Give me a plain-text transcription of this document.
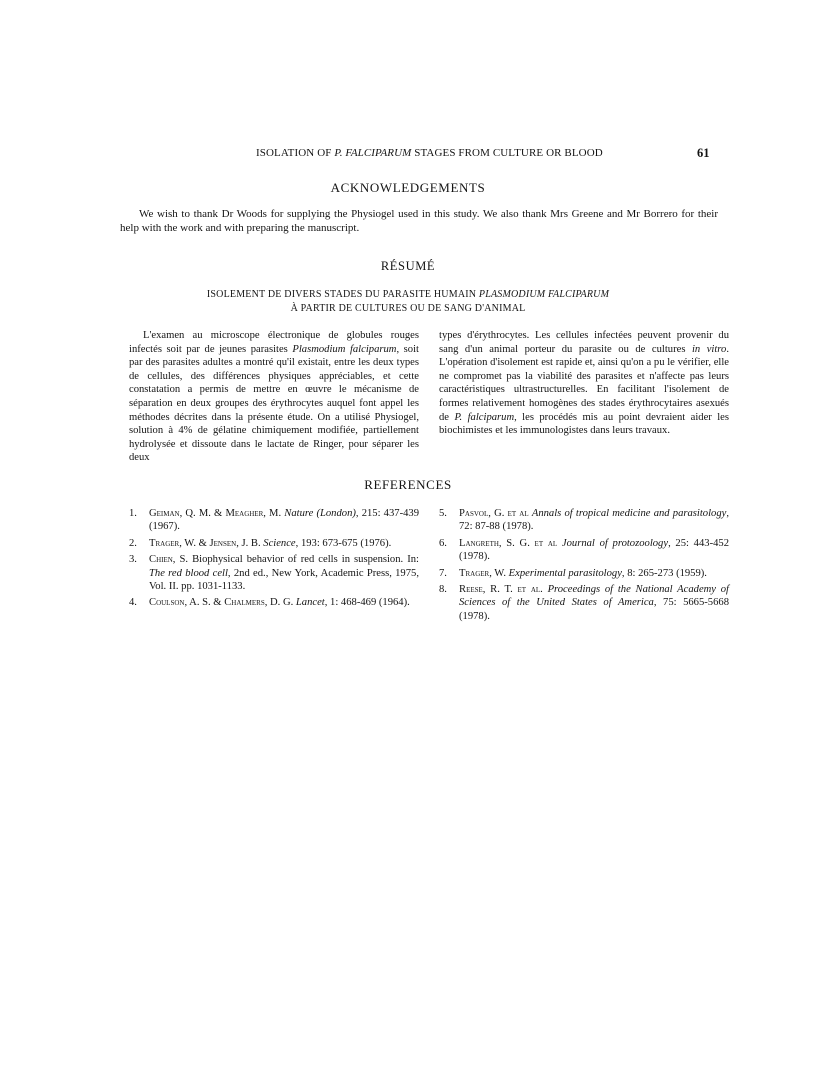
ISOLATION OF P. FALCIPARUM STAGES FROM CULTURE OR BLOOD	61
ACKNOWLEDGEMENTS

We wish to thank Dr Woods for supplying the Physiogel used in this study. We also thank Mrs Greene and Mr Borrero for their help with the work and with preparing the manuscript.

RÉSUMÉ
ISOLEMENT DE DIVERS STADES DU PARASITE HUMAIN PLASMODIUM FALCIPARUM
À PARTIR DE CULTURES OU DE SANG D'ANIMAL

L'examen au microscope électronique de globules rouges infectés soit par de jeunes parasites Plasmodium falciparum, soit par des parasites adultes a montré qu'il existait, entre les deux types de cellules, des différences physiques appréciables, et cette constatation a permis de mettre en œuvre le mécanisme de séparation en deux groupes des érythrocytes auquel font appel les méthodes décrites dans la présente étude. On a utilisé Physiogel, solution à 4% de gélatine chimiquement modifiée, partiellement hydrolysée et dissoute dans le lactate de Ringer, pour séparer les deux

types d'érythrocytes. Les cellules infectées peuvent provenir du sang d'un animal porteur du parasite ou de cultures in vitro. L'opération d'isolement est rapide et, ainsi qu'on a pu le vérifier, elle ne compromet pas la viabilité des parasites et n'affecte pas leurs caractéristiques ultrastructurelles. En facilitant l'isolement de formes relativement homogènes des stades érythrocytaires asexués de P. falciparum, les procédés mis au point devraient aider les biochimistes et les immunologistes dans leurs travaux.

REFERENCES
1. Geiman, Q. M. & Meagher, M. Nature (London), 215: 437-439 (1967).
2. Trager, W. & Jensen, J. B. Science, 193: 673-675 (1976).
3. Chien, S. Biophysical behavior of red cells in suspension. In: The red blood cell, 2nd ed., New York, Academic Press, 1975, Vol. II. pp. 1031-1133.
4. Coulson, A. S. & Chalmers, D. G. Lancet, 1: 468-469 (1964).
5. Pasvol, G. et al Annals of tropical medicine and parasitology, 72: 87-88 (1978).
6. Langreth, S. G. et al Journal of protozoology, 25: 443-452 (1978).
7. Trager, W. Experimental parasitology, 8: 265-273 (1959).
8. Reese, R. T. et al. Proceedings of the National Academy of Sciences of the United States of America, 75: 5665-5668 (1978).
